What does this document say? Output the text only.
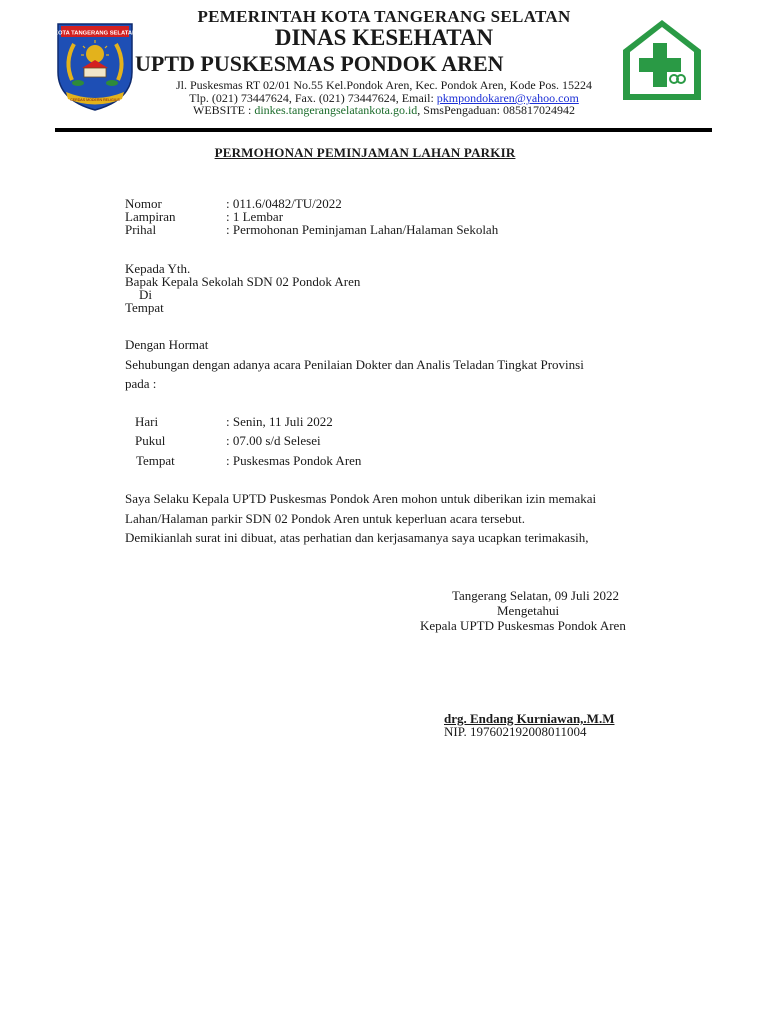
KOTA TANGERANG SELATAN
CERDAS MODERN RELIGIUS
PEMERINTAH KOTA TANGERANG SELATAN
DINAS KESEHATAN
UPTD PUSKESMAS PONDOK AREN
Jl. Puskesmas RT 02/01 No.55 Kel.Pondok Aren, Kec. Pondok Aren, Kode Pos. 15224
Tlp. (021) 73447624, Fax. (021) 73447624, Email: pkmpondokaren@yahoo.com
WEBSITE : dinkes.tangerangselatankota.go.id, SmsPengaduan: 085817024942
PERMOHONAN PEMINJAMAN LAHAN PARKIR
Nomor	: 011.6/0482/TU/2022
Lampiran	: 1 Lembar
Prihal	: Permohonan Peminjaman Lahan/Halaman Sekolah
Kepada Yth.
Bapak Kepala Sekolah SDN 02 Pondok Aren
Di
Tempat
Dengan Hormat
Sehubungan dengan adanya acara Penilaian Dokter dan Analis Teladan Tingkat Provinsi
pada :
Hari	: Senin, 11 Juli 2022
Pukul	: 07.00 s/d Selesei
Tempat	: Puskesmas Pondok Aren
Saya Selaku Kepala UPTD Puskesmas Pondok Aren mohon untuk diberikan izin memakai
Lahan/Halaman parkir SDN 02 Pondok Aren untuk keperluan acara tersebut.
Demikianlah surat ini dibuat, atas perhatian dan kerjasamanya saya ucapkan terimakasih,
Tangerang Selatan, 09 Juli 2022
Mengetahui
Kepala UPTD Puskesmas Pondok Aren
drg. Endang Kurniawan,.M.M
NIP. 197602192008011004
